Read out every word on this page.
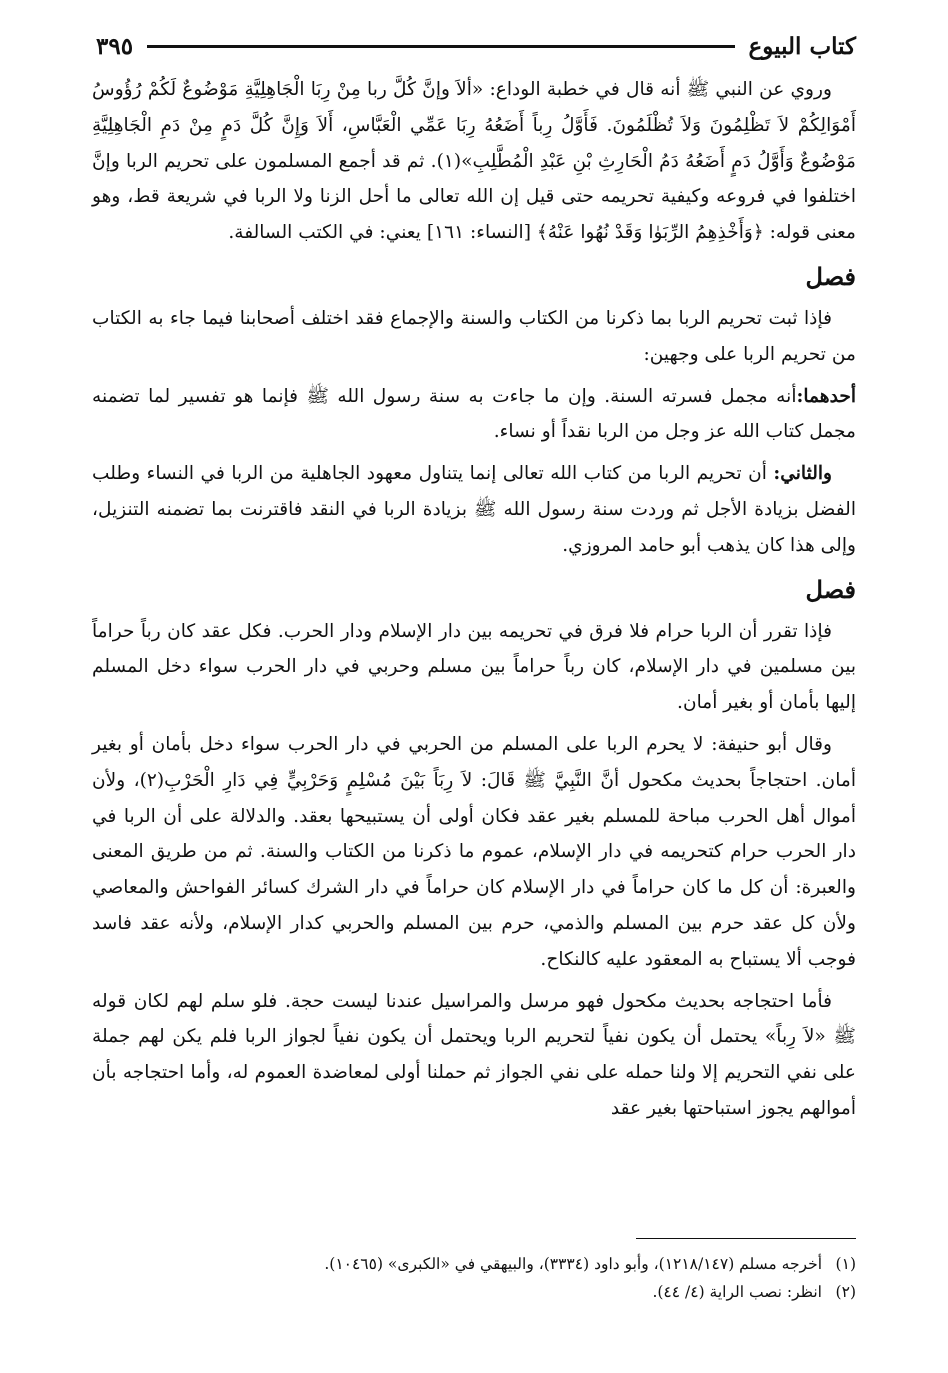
كتاب البيوع
٣٩٥

وروي عن النبي ﷺ أنه قال في خطبة الوداع: «ألاَ وإنَّ كُلَّ ربا مِنْ رِبَا الْجَاهِلِيَّةِ مَوْضُوعٌ لَكُمْ رُؤُوسُ أَمْوَالِكُمْ لاَ تَظْلِمُونَ وَلاَ تُظْلَمُونَ. فَأَوَّلُ رِباً أَضَعُهُ رِبَا عَمِّي الْعَبَّاسِ، أَلاَ وَإِنَّ كُلَّ دَمٍ مِنْ دَمِ الْجَاهِلِيَّةِ مَوْضُوعٌ وَأَوَّلُ دَمٍ أَضَعُهُ دَمُ الْحَارِثِ بْنِ عَبْدِ الْمُطَّلِبِ»(١). ثم قد أجمع المسلمون على تحريم الربا وإنَّ اختلفوا في فروعه وكيفية تحريمه حتى قيل إن الله تعالى ما أحل الزنا ولا الربا في شريعة قط، وهو معنى قوله: ﴿وَأَخْذِهِمُ الرِّبَوٰا وَقَدْ نُهُوا عَنْهُ﴾ [النساء: ١٦١] يعني: في الكتب السالفة.

فصل

فإذا ثبت تحريم الربا بما ذكرنا من الكتاب والسنة والإجماع فقد اختلف أصحابنا فيما جاء به الكتاب من تحريم الربا على وجهين:

أحدهما:أنه مجمل فسرته السنة. وإن ما جاءت به سنة رسول الله ﷺ فإنما هو تفسير لما تضمنه مجمل كتاب الله عز وجل من الربا نقداً أو نساء.

والثاني: أن تحريم الربا من كتاب الله تعالى إنما يتناول معهود الجاهلية من الربا في النساء وطلب الفضل بزيادة الأجل ثم وردت سنة رسول الله ﷺ بزيادة الربا في النقد فاقترنت بما تضمنه التنزيل، وإلى هذا كان يذهب أبو حامد المروزي.

فصل

فإذا تقرر أن الربا حرام فلا فرق في تحريمه بين دار الإسلام ودار الحرب. فكل عقد كان رباً حراماً بين مسلمين في دار الإسلام، كان رباً حراماً بين مسلم وحربي في دار الحرب سواء دخل المسلم إليها بأمان أو بغير أمان.

وقال أبو حنيفة: لا يحرم الربا على المسلم من الحربي في دار الحرب سواء دخل بأمان أو بغير أمان. احتجاجاً بحديث مكحول أنَّ النَّبِيَّ ﷺ قَالَ: لاَ رِبَاً بَيْنَ مُسْلِمٍ وَحَرْبِيٍّ فِي دَارِ الْحَرْبِ(٢)، ولأن أموال أهل الحرب مباحة للمسلم بغير عقد فكان أولى أن يستبيحها بعقد. والدلالة على أن الربا في دار الحرب حرام كتحريمه في دار الإسلام، عموم ما ذكرنا من الكتاب والسنة. ثم من طريق المعنى والعبرة: أن كل ما كان حراماً في دار الإسلام كان حراماً في دار الشرك كسائر الفواحش والمعاصي ولأن كل عقد حرم بين المسلم والذمي، حرم بين المسلم والحربي كدار الإسلام، ولأنه عقد فاسد فوجب ألا يستباح به المعقود عليه كالنكاح.

فأما احتجاجه بحديث مكحول فهو مرسل والمراسيل عندنا ليست حجة. فلو سلم لهم لكان قوله ﷺ «لاَ رِباً» يحتمل أن يكون نفياً لتحريم الربا ويحتمل أن يكون نفياً لجواز الربا فلم يكن لهم جملة على نفي التحريم إلا ولنا حمله على نفي الجواز ثم حملنا أولى لمعاضدة العموم له، وأما احتجاجه بأن أموالهم يجوز استباحتها بغير عقد

(١)
أخرجه مسلم (١٢١٨/١٤٧)، وأبو داود (٣٣٣٤)، والبيهقي في «الكبرى» (١٠٤٦٥).
(٢)
انظر: نصب الراية (٤/ ٤٤).
